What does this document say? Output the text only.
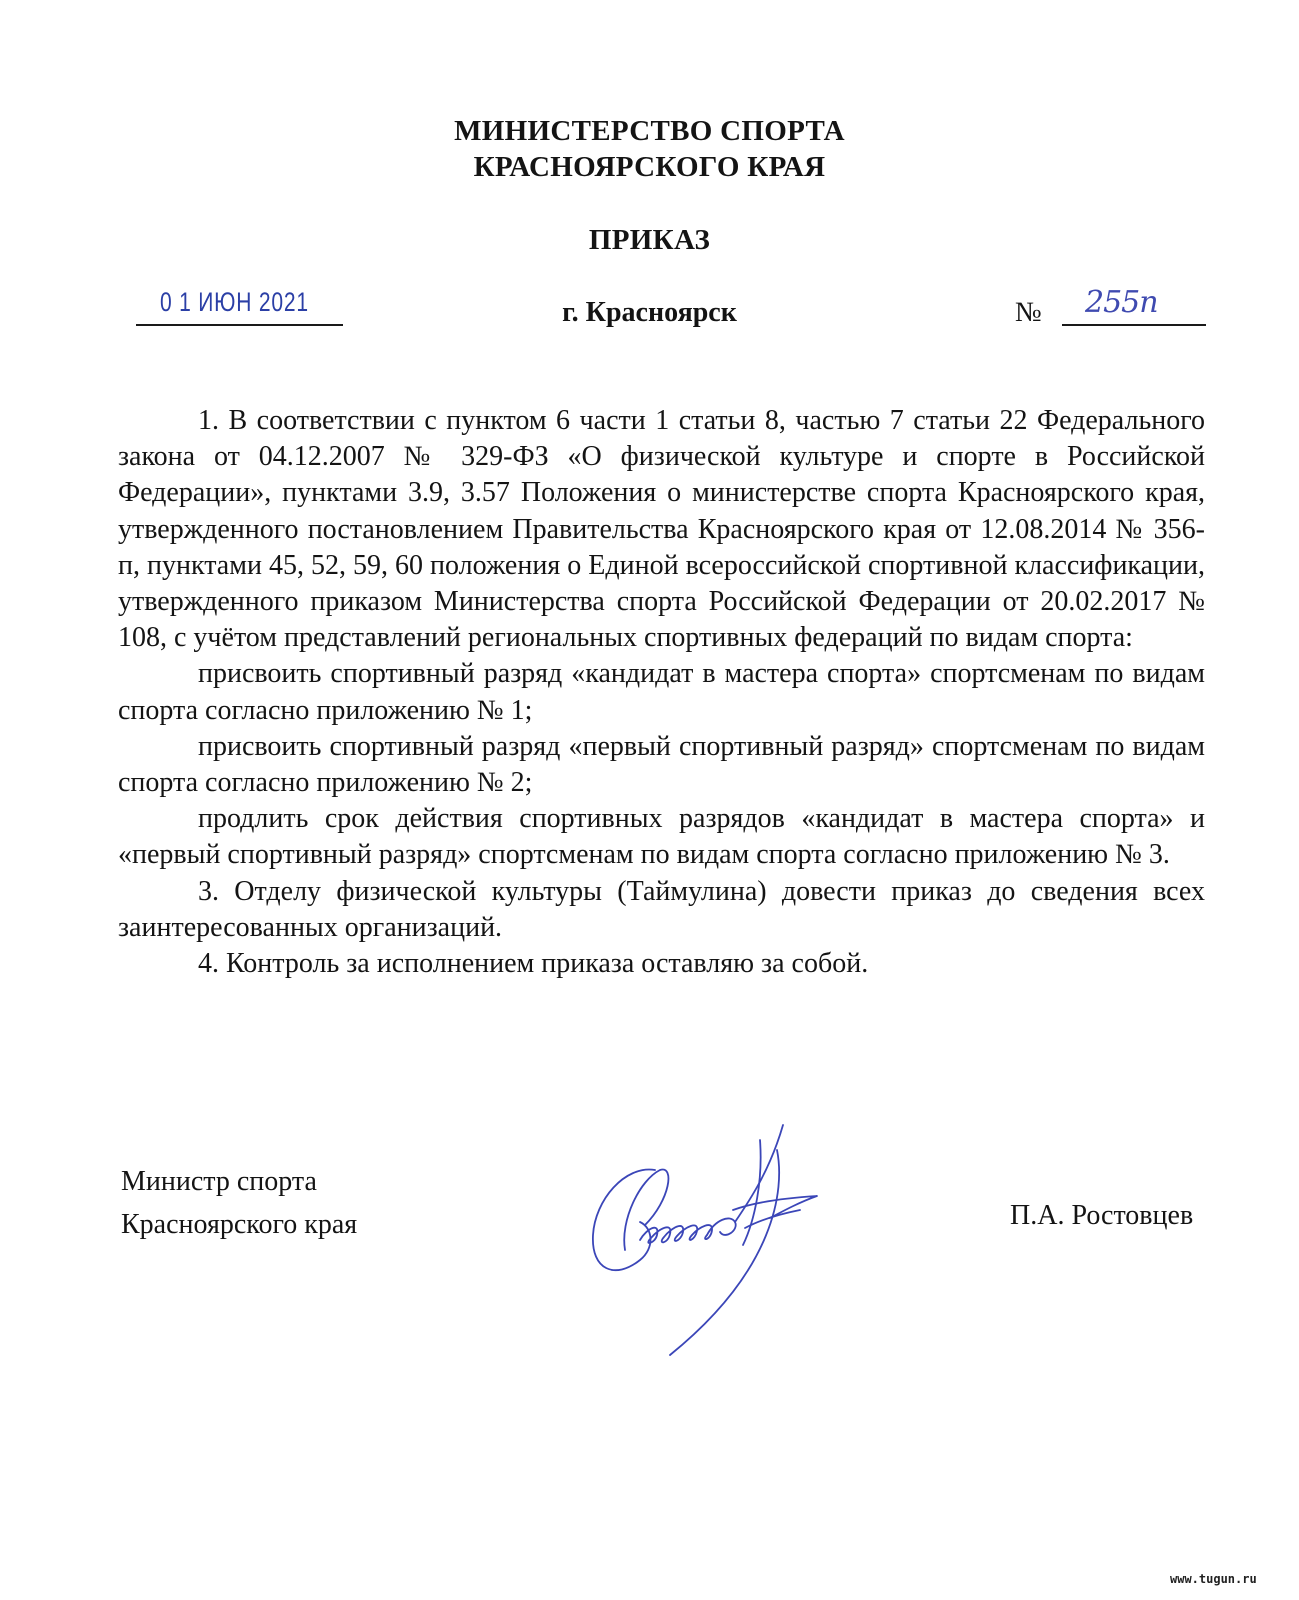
МИНИСТЕРСТВО СПОРТА
КРАСНОЯРСКОГО КРАЯ
ПРИКАЗ
0 1 ИЮН 2021	г. Красноярск	№ 255п

1. В соответствии с пунктом 6 части 1 статьи 8, частью 7 статьи 22 Федерального закона от 04.12.2007 № 329-ФЗ «О физической культуре и спорте в Российской Федерации», пунктами 3.9, 3.57 Положения о министерстве спорта Красноярского края, утвержденного постановлением Правительства Красноярского края от 12.08.2014 № 356-п, пунктами 45, 52, 59, 60 положения о Единой всероссийской спортивной классификации, утвержденного приказом Министерства спорта Российской Федерации от 20.02.2017 № 108, с учётом представлений региональных спортивных федераций по видам спорта:

присвоить спортивный разряд «кандидат в мастера спорта» спортсменам по видам спорта согласно приложению № 1;

присвоить спортивный разряд «первый спортивный разряд» спортсменам по видам спорта согласно приложению № 2;

продлить срок действия спортивных разрядов «кандидат в мастера спорта» и «первый спортивный разряд» спортсменам по видам спорта согласно приложению № 3.

3. Отделу физической культуры (Таймулина) довести приказ до сведения всех заинтересованных организаций.

4. Контроль за исполнением приказа оставляю за собой.

Министр спорта
Красноярского края	П.А. Ростовцев
www.tugun.ru
